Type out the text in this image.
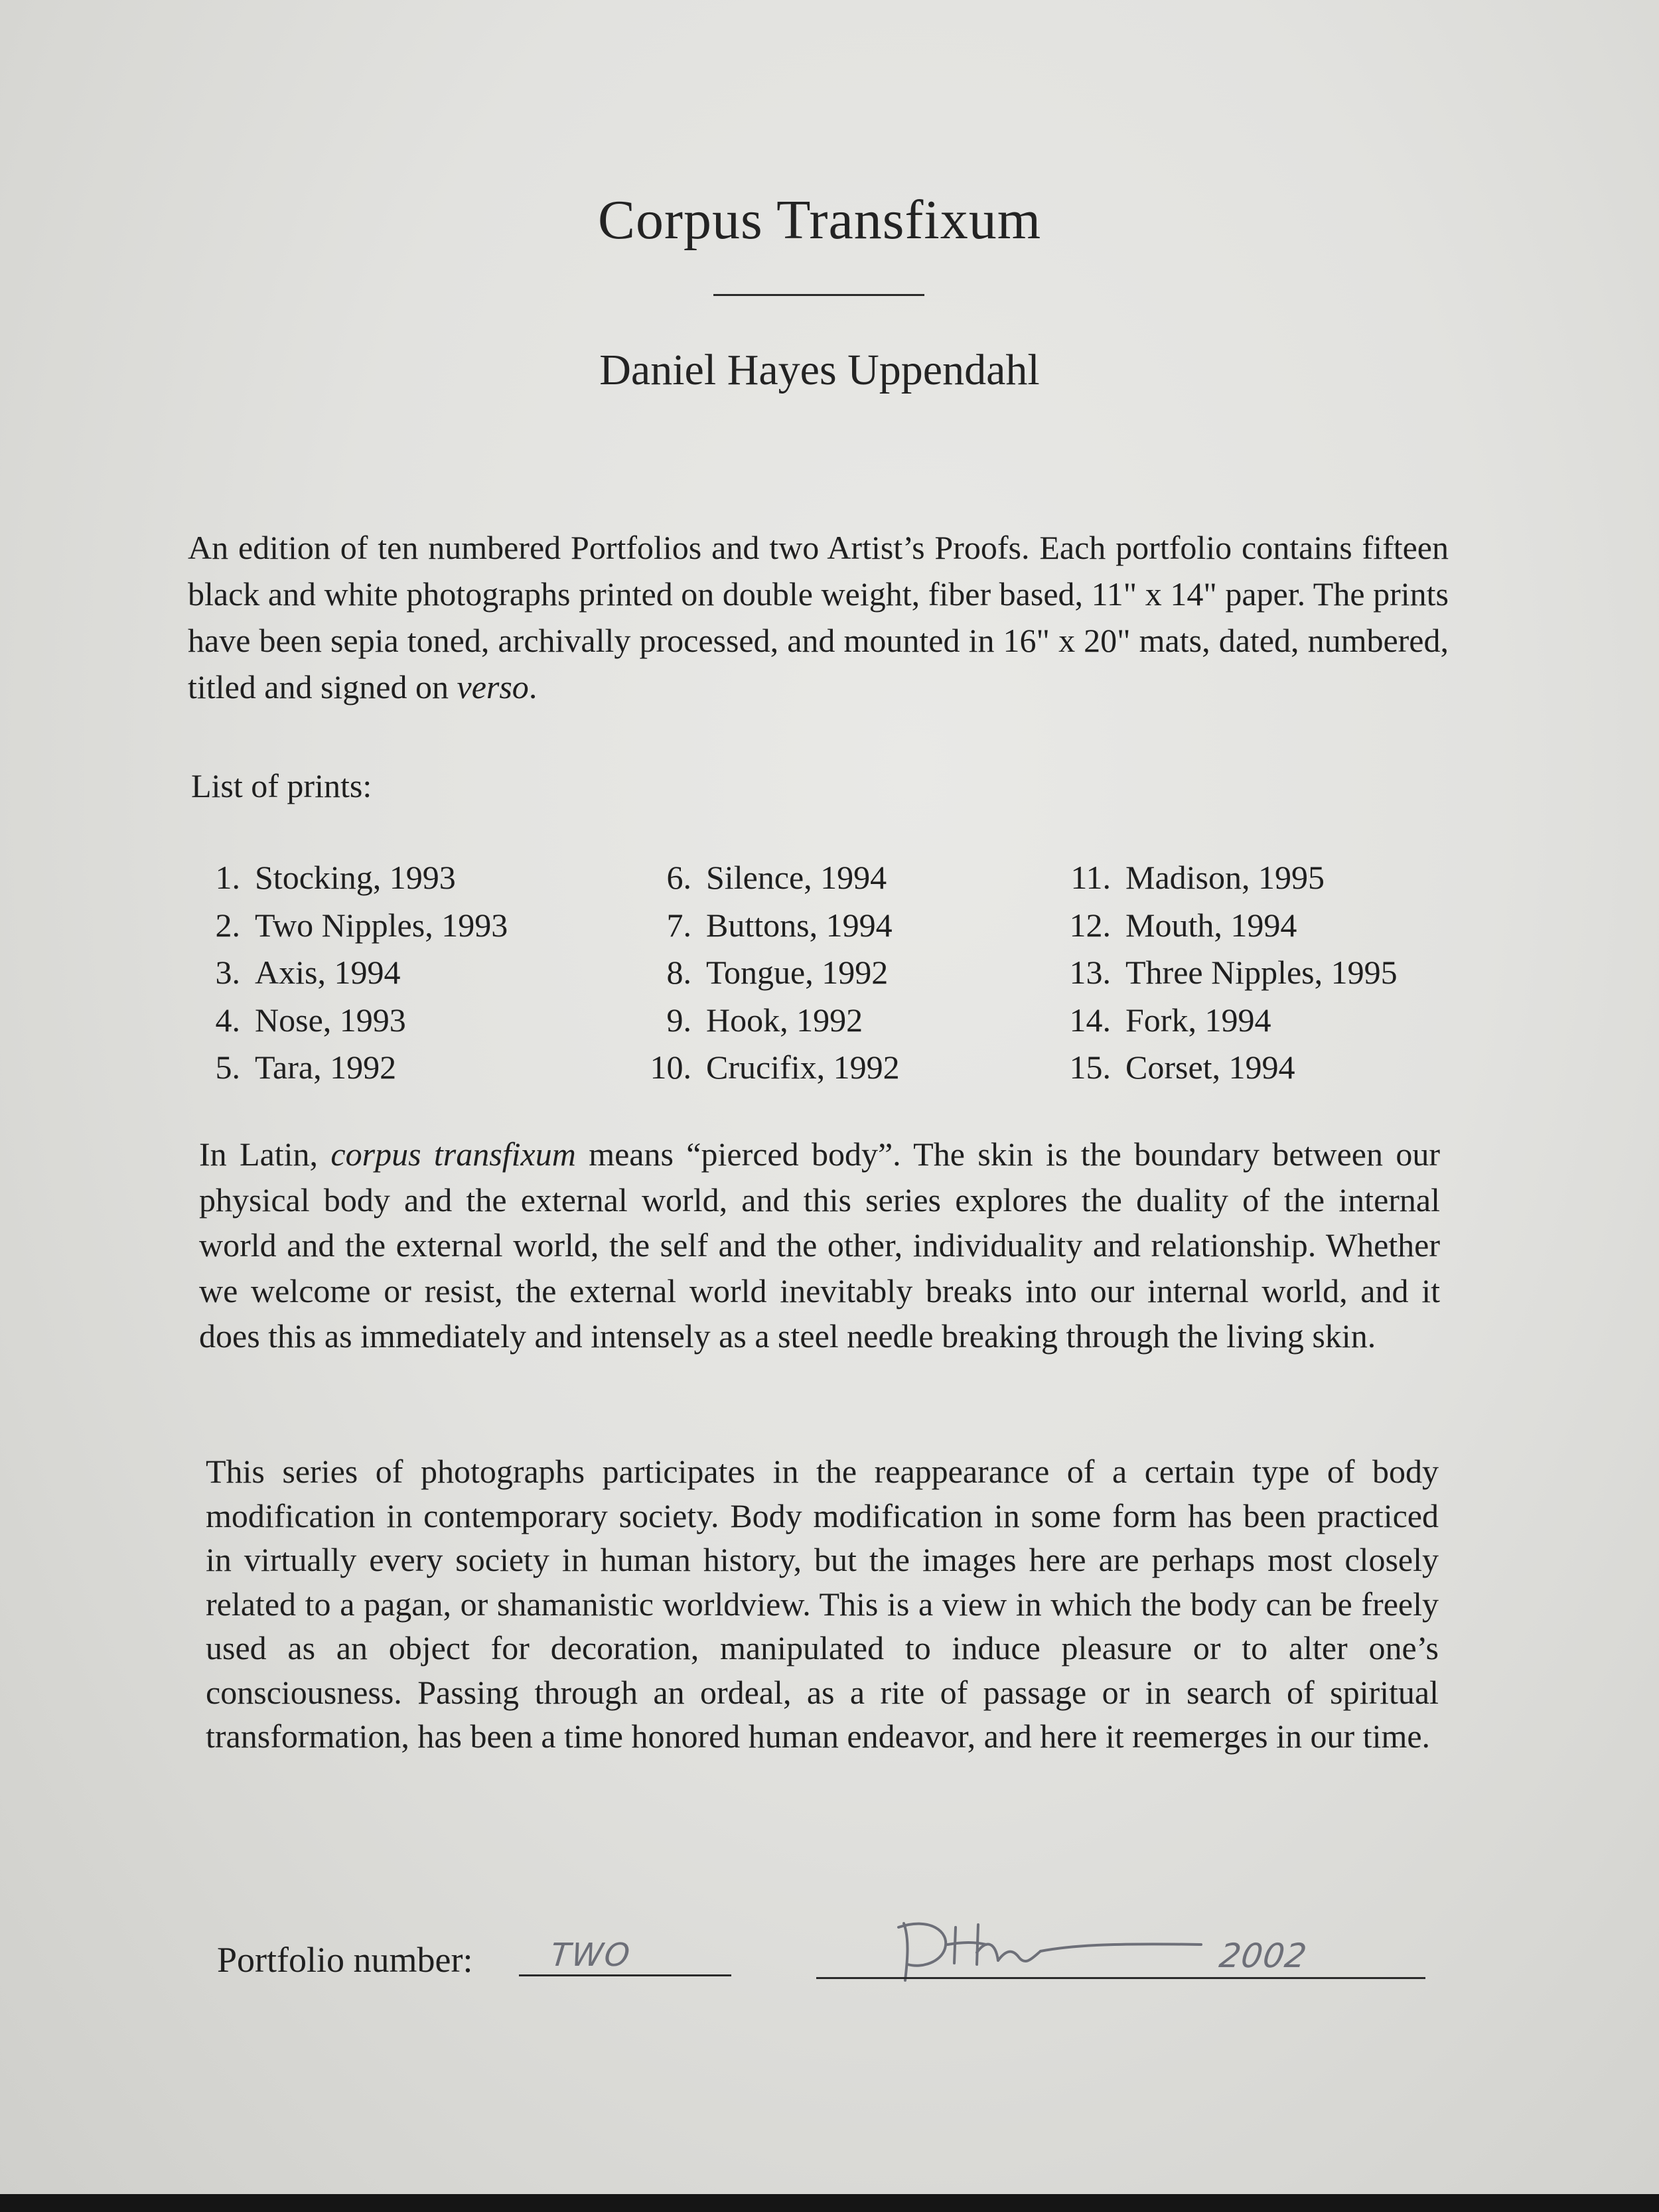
Corpus Transfixum
Daniel Hayes Uppendahl
An edition of ten numbered Portfolios and two Artist’s Proofs. Each portfolio contains fifteen black and white photographs printed on double weight, fiber based, 11" x 14" paper. The prints have been sepia toned, archivally processed, and mounted in 16" x 20" mats, dated, numbered, titled and signed on verso.
List of prints:
1. Stocking, 1993
2. Two Nipples, 1993
3. Axis, 1994
4. Nose, 1993
5. Tara, 1992
6. Silence, 1994
7. Buttons, 1994
8. Tongue, 1992
9. Hook, 1992
10. Crucifix, 1992
11. Madison, 1995
12. Mouth, 1994
13. Three Nipples, 1995
14. Fork, 1994
15. Corset, 1994
In Latin, corpus transfixum means “pierced body”. The skin is the boundary between our physical body and the external world, and this series explores the duality of the internal world and the external world, the self and the other, individuality and relationship. Whether we welcome or resist, the external world inevitably breaks into our internal world, and it does this as immediately and intensely as a steel needle breaking through the living skin.
This series of photographs participates in the reappearance of a certain type of body modification in contemporary society. Body modification in some form has been practiced in virtually every society in human history, but the images here are perhaps most closely related to a pagan, or shamanistic worldview. This is a view in which the body can be freely used as an object for decoration, manipulated to induce pleasure or to alter one’s consciousness. Passing through an ordeal, as a rite of passage or in search of spiritual transformation, has been a time honored human endeavor, and here it reemerges in our time.
Portfolio number: TWO	2002
